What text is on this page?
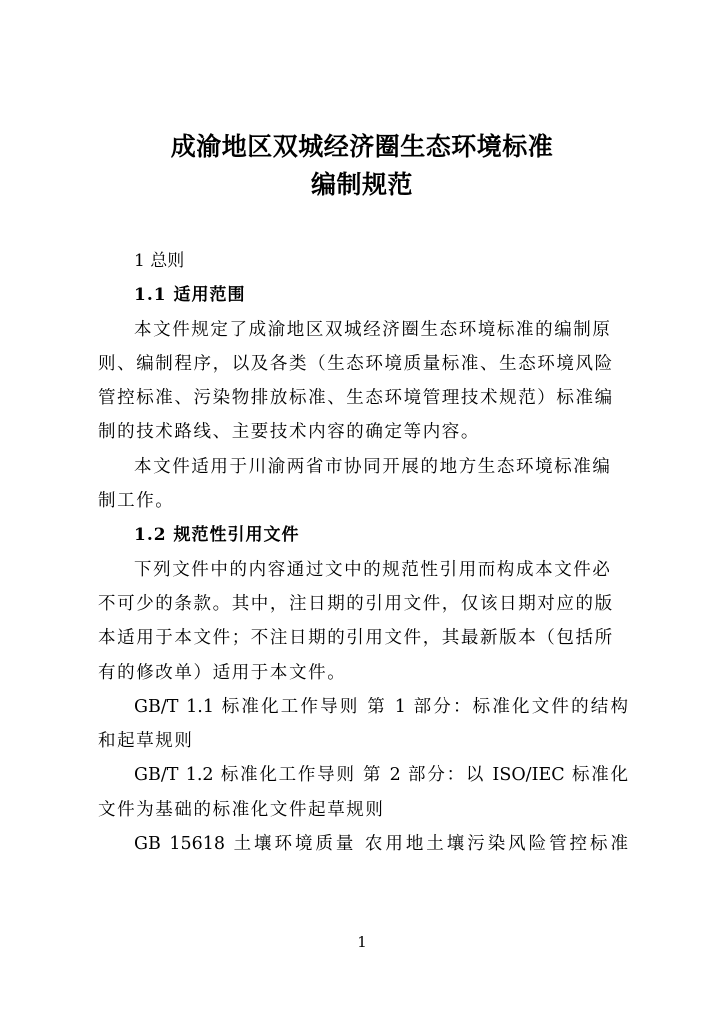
成渝地区双城经济圈生态环境标准
编制规范
1 总则
1.1 适用范围
本文件规定了成渝地区双城经济圈生态环境标准的编制原
则、编制程序，以及各类（生态环境质量标准、生态环境风险
管控标准、污染物排放标准、生态环境管理技术规范）标准编
制的技术路线、主要技术内容的确定等内容。
本文件适用于川渝两省市协同开展的地方生态环境标准编
制工作。
1.2 规范性引用文件
下列文件中的内容通过文中的规范性引用而构成本文件必
不可少的条款。其中，注日期的引用文件，仅该日期对应的版
本适用于本文件；不注日期的引用文件，其最新版本（包括所
有的修改单）适用于本文件。
GB/T 1.1 标准化工作导则 第 1 部分：标准化文件的结构
和起草规则
GB/T 1.2 标准化工作导则 第 2 部分：以 ISO/IEC 标准化
文件为基础的标准化文件起草规则
GB 15618 土壤环境质量 农用地土壤污染风险管控标准
1
